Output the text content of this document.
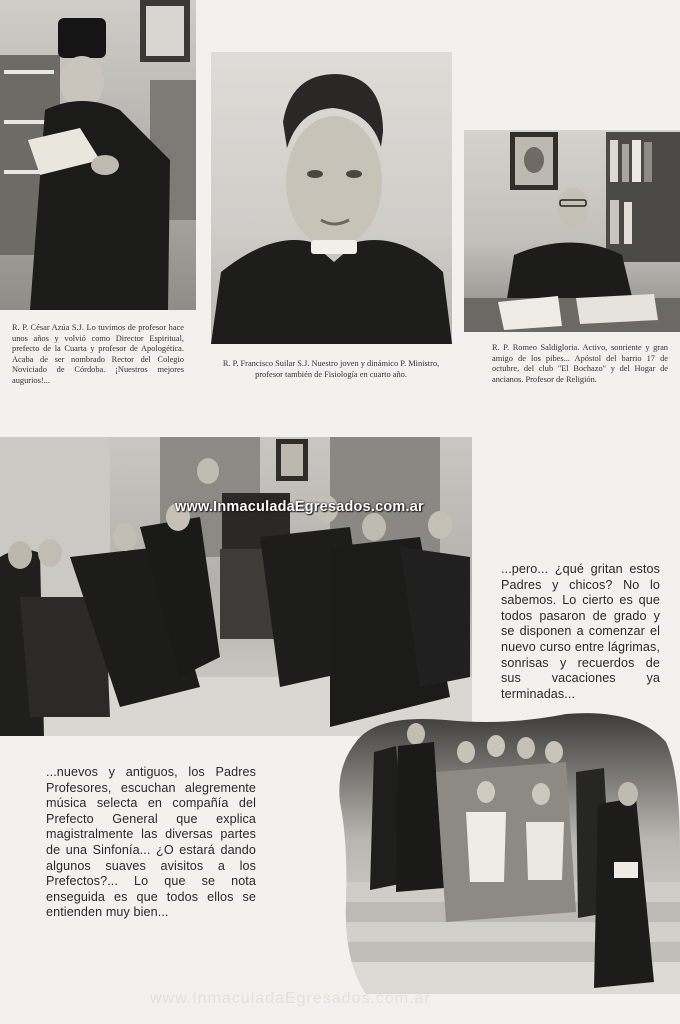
R. P. César Azúa S.J. Lo tuvimos de profesor hace unos años y volvió como Director Espiritual, prefecto de la Cuarta y profesor de Apologética. Acaba de ser nombrado Rector del Colegio Noviciado de Córdoba. ¡Nuestros mejores augurios!...

R. P. Francisco Suilar S.J. Nuestro joven y dinámico P. Ministro, profesor también de Fisiología en cuarto año.

R. P. Romeo Saldigloria. Activo, sonriente y gran amigo de los pibes... Apóstol del barrio 17 de octubre, del club "El Bochazo" y del Hogar de ancianos. Profesor de Religión.

www.InmaculadaEgresados.com.ar

...pero... ¿qué gritan estos Padres y chicos? No lo sabemos. Lo cierto es que todos pasaron de grado y se disponen a comenzar el nuevo curso entre lágrimas, sonrisas y recuerdos de sus vacaciones ya terminadas...

...nuevos y antiguos, los Padres Profesores, escuchan alegremente música selecta en compañía del Prefecto General que explica magistralmente las diversas partes de una Sinfonía... ¿O estará dando algunos suaves avisitos a los Prefectos?... Lo que se nota enseguida es que todos ellos se entienden muy bien...

www.InmaculadaEgresados.com.ar
